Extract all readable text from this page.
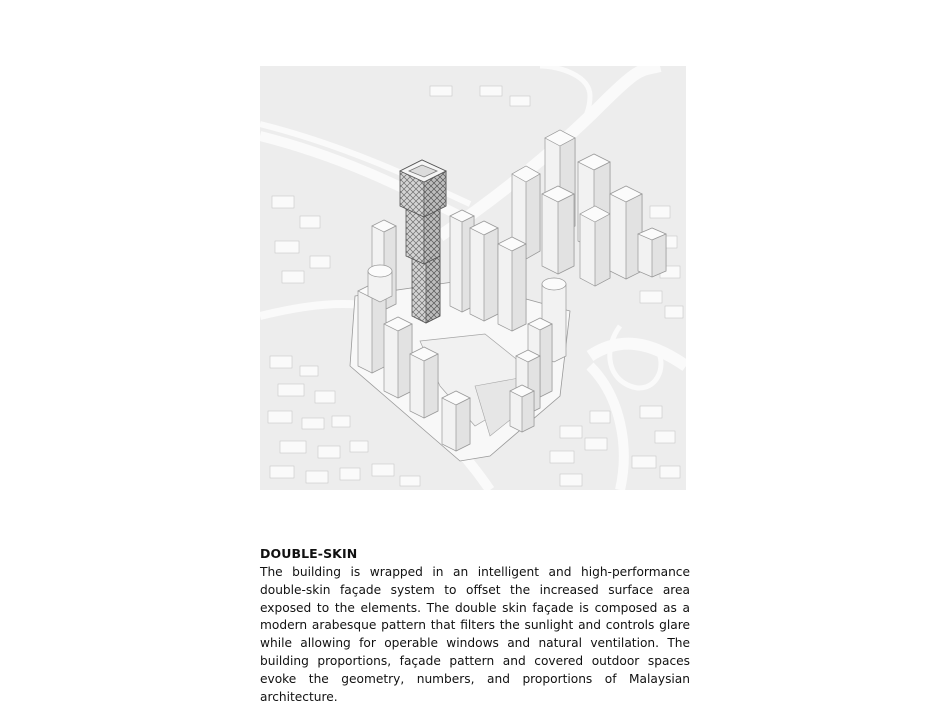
DOUBLE-SKIN

The building is wrapped in an intelligent and high-performance double-skin façade system to offset the increased surface area exposed to the elements. The double skin façade is composed as a modern arabesque pattern that filters the sunlight and controls glare while allowing for operable windows and natural ventilation. The building proportions, façade pattern and covered outdoor spaces evoke the geometry, numbers, and proportions of Malaysian architecture.
